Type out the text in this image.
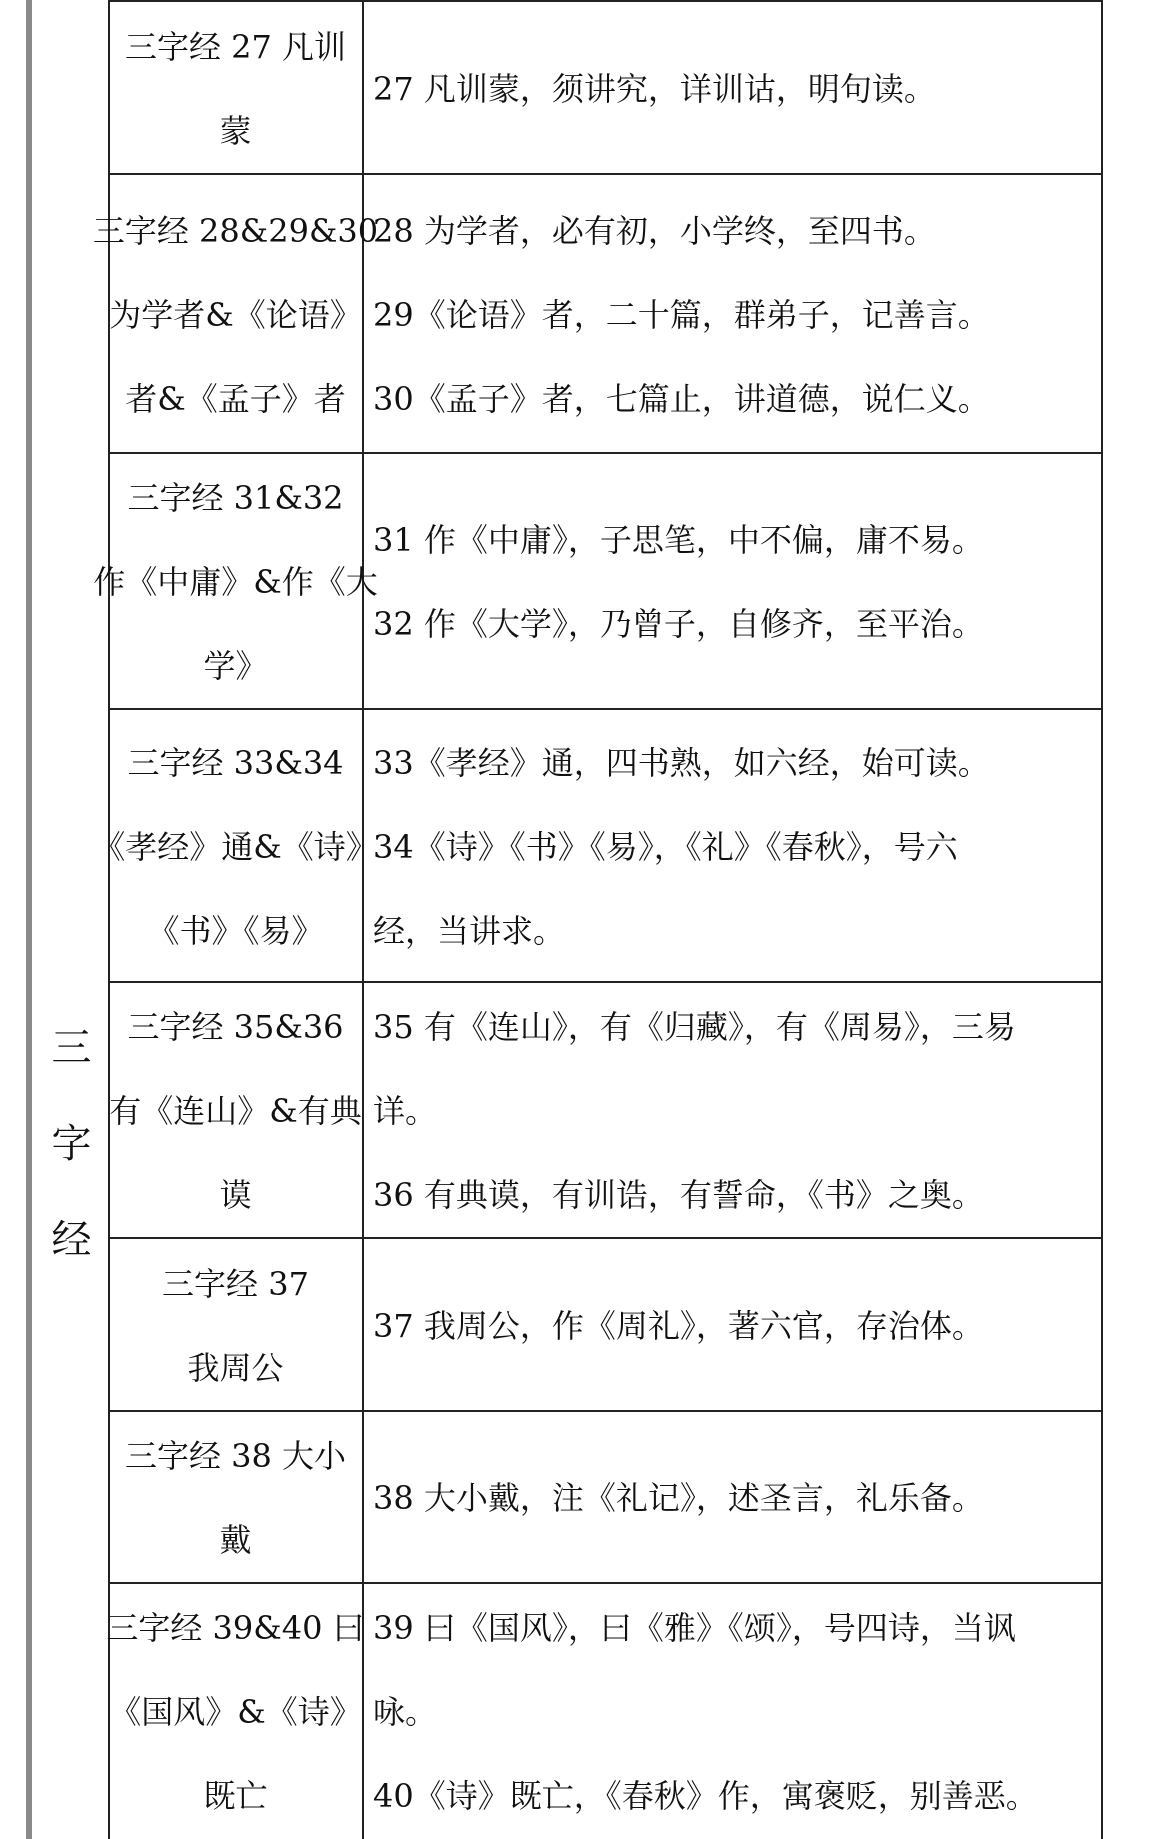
三
字
经
三字经 27 凡训
蒙
27 凡训蒙，须讲究，详训诂，明句读。
三字经 28&29&30
为学者&《论语》
者&《孟子》者
28 为学者，必有初，小学终，至四书。
29《论语》者，二十篇，群弟子，记善言。
30《孟子》者，七篇止，讲道德，说仁义。
三字经 31&32
作《中庸》&作《大
学》
31 作《中庸》，子思笔，中不偏，庸不易。
32 作《大学》，乃曾子，自修齐，至平治。
三字经 33&34
《孝经》通&《诗》
《书》《易》
33《孝经》通，四书熟，如六经，始可读。
34《诗》《书》《易》，《礼》《春秋》，号六
经，当讲求。
三字经 35&36
有《连山》&有典
谟
35 有《连山》，有《归藏》，有《周易》，三易
详。
36 有典谟，有训诰，有誓命，《书》之奥。
三字经 37
我周公
37 我周公，作《周礼》，著六官，存治体。
三字经 38 大小
戴
38 大小戴，注《礼记》，述圣言，礼乐备。
三字经 39&40 曰
《国风》&《诗》
既亡
39 曰《国风》，曰《雅》《颂》，号四诗，当讽
咏。
40《诗》既亡，《春秋》作，寓褒贬，别善恶。
